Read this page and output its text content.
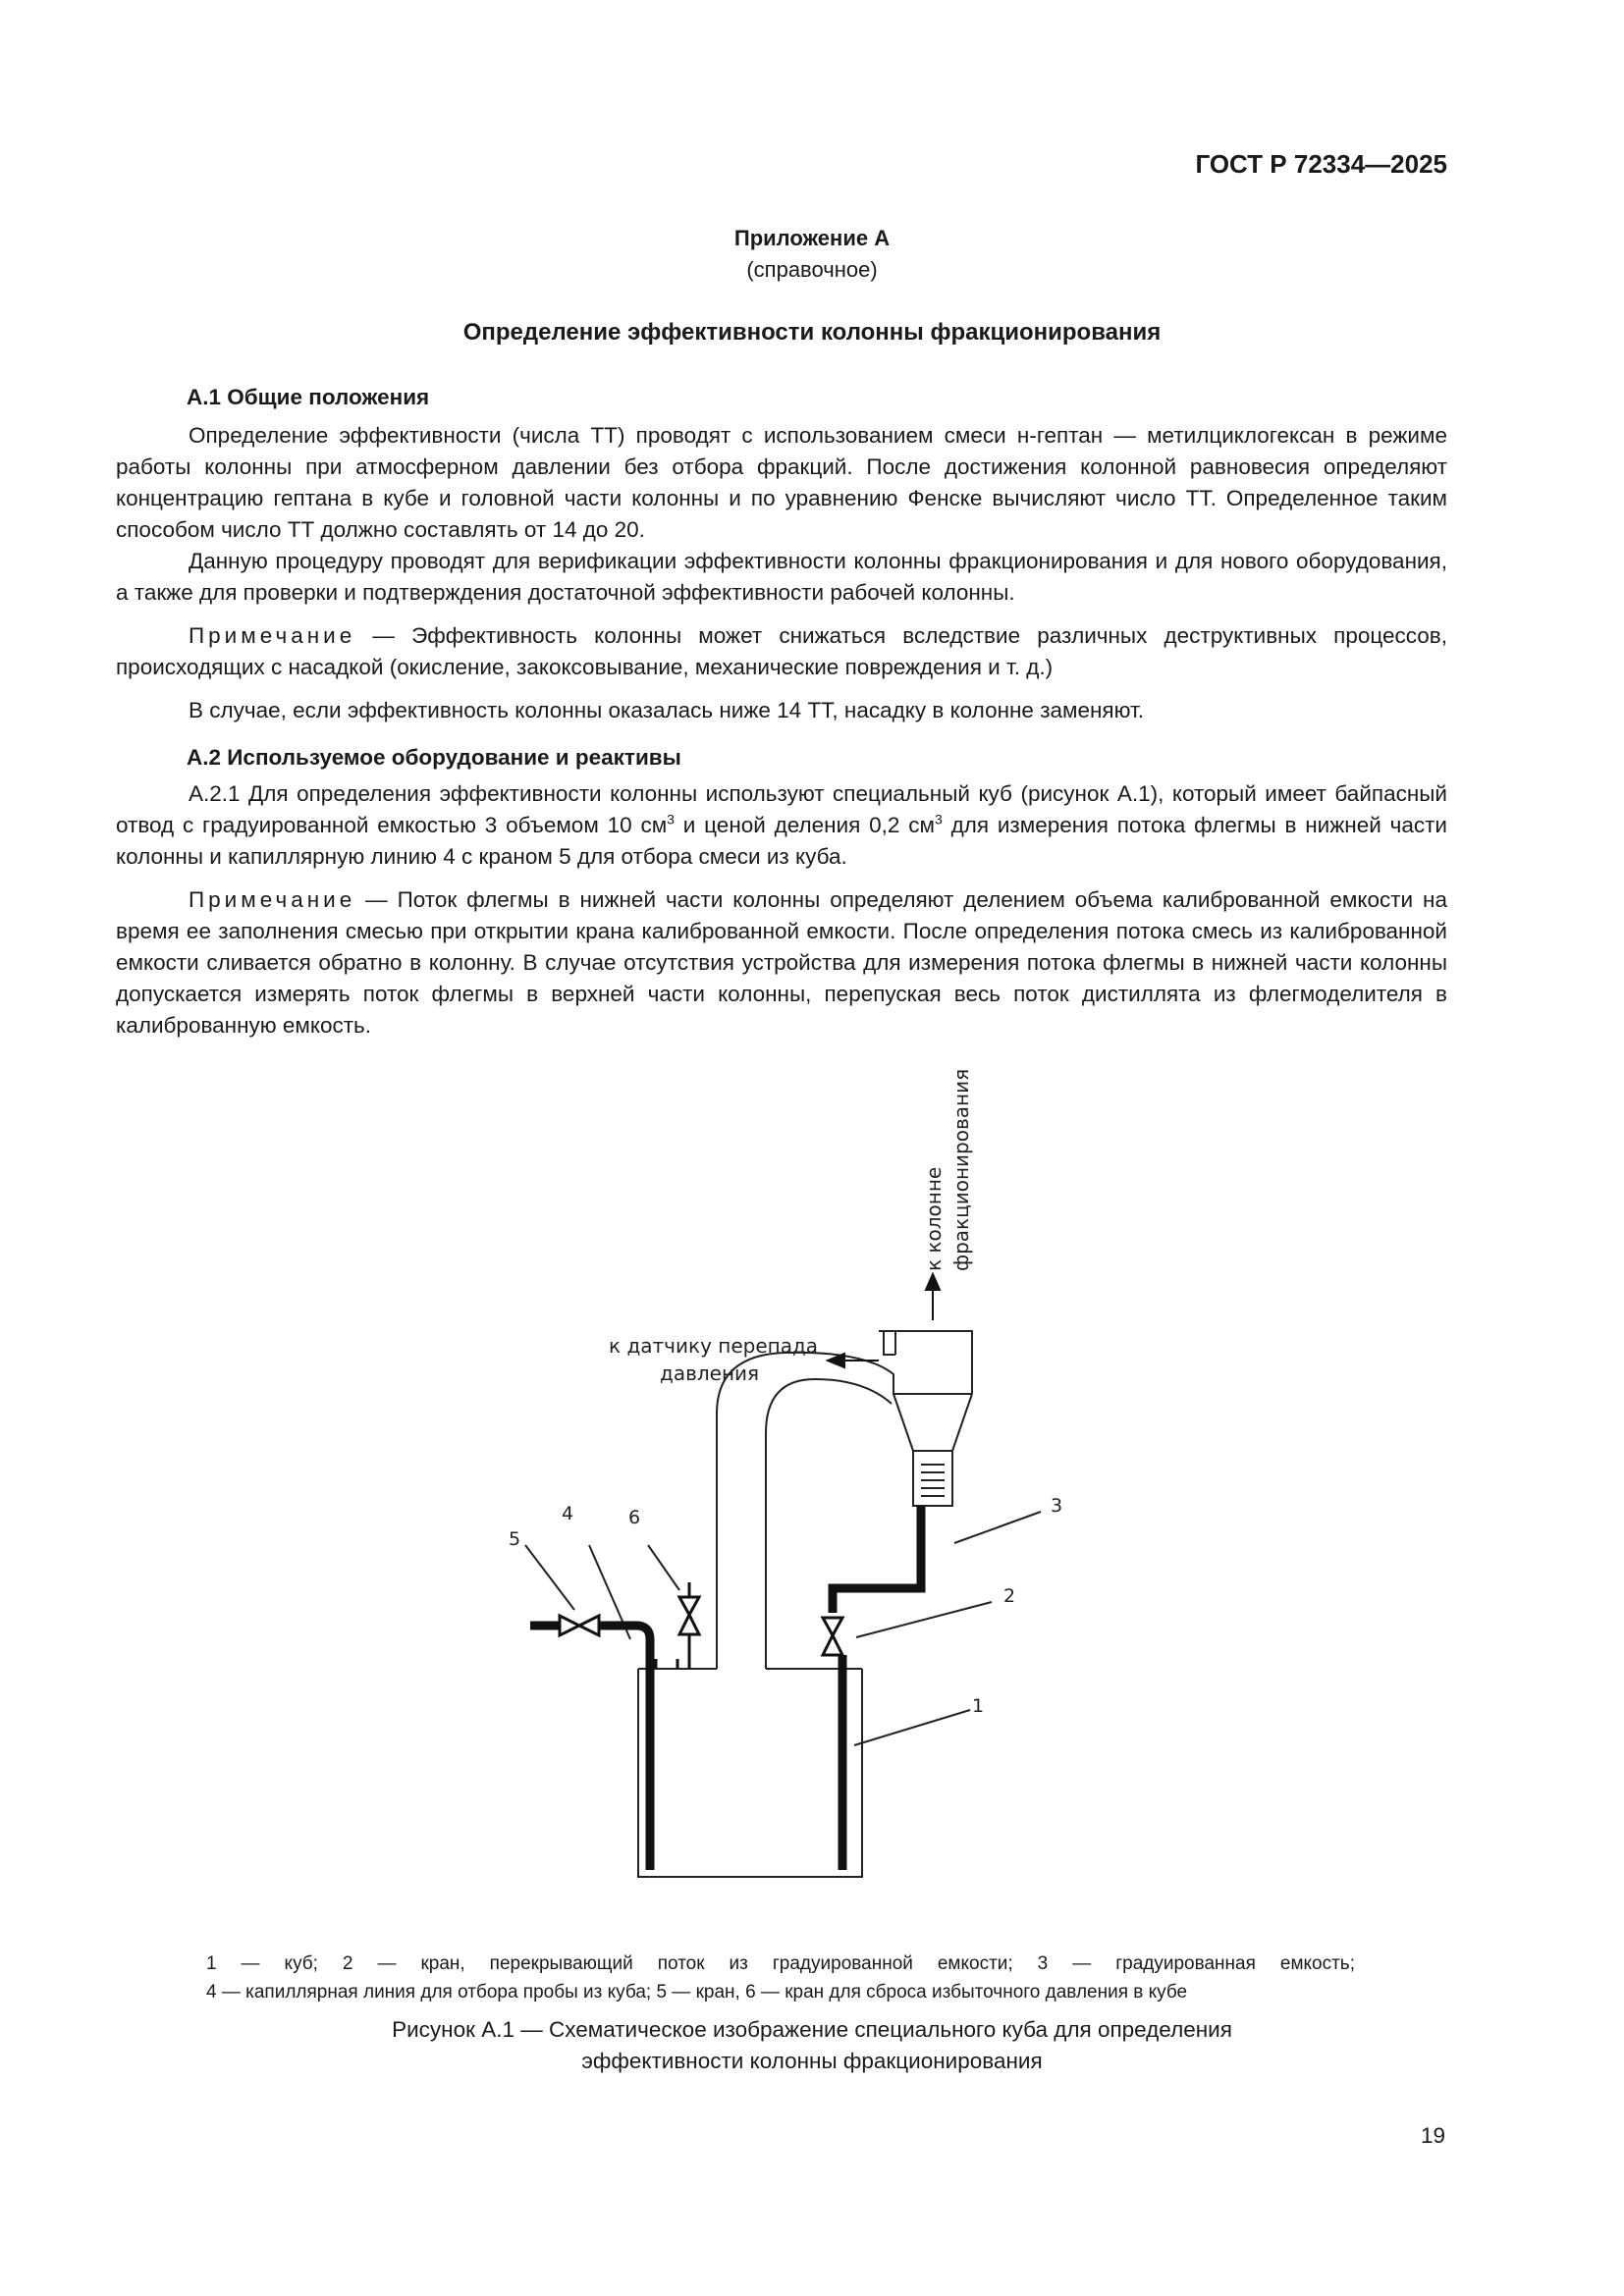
ГОСТ Р 72334—2025
Приложение А
(справочное)
Определение эффективности колонны фракционирования
А.1 Общие положения

Определение эффективности (числа ТТ) проводят с использованием смеси н-гептан — метилциклогексан в режиме работы колонны при атмосферном давлении без отбора фракций. После достижения колонной равновесия определяют концентрацию гептана в кубе и головной части колонны и по уравнению Фенске вычисляют число ТТ. Определенное таким способом число ТТ должно составлять от 14 до 20.

Данную процедуру проводят для верификации эффективности колонны фракционирования и для нового оборудования, а также для проверки и подтверждения достаточной эффективности рабочей колонны.

Примечание — Эффективность колонны может снижаться вследствие различных деструктивных процессов, происходящих с насадкой (окисление, закоксовывание, механические повреждения и т. д.)

В случае, если эффективность колонны оказалась ниже 14 ТТ, насадку в колонне заменяют.

А.2 Используемое оборудование и реактивы

А.2.1 Для определения эффективности колонны используют специальный куб (рисунок А.1), который имеет байпасный отвод с градуированной емкостью 3 объемом 10 $см^3$ и ценой деления 0,2 $см^3$ для измерения потока флегмы в нижней части колонны и капиллярную линию 4 с краном 5 для отбора смеси из куба.

Примечание — Поток флегмы в нижней части колонны определяют делением объема калиброванной емкости на время ее заполнения смесью при открытии крана калиброванной емкости. После определения потока смесь из калиброванной емкости сливается обратно в колонну. В случае отсутствия устройства для измерения потока флегмы в нижней части колонны допускается измерять поток флегмы в верхней части колонны, перепуская весь поток дистиллята из флегмоделителя в калиброванную емкость.

к датчику перепада
давления
к колонне фракционирования
1
2
3
4
5
6
1 — куб; 2 — кран, перекрывающий поток из градуированной емкости; 3 — градуированная емкость;
4 — капиллярная линия для отбора пробы из куба; 5 — кран, 6 — кран для сброса избыточного давления в кубе
Рисунок А.1 — Схематическое изображение специального куба для определения
эффективности колонны фракционирования
19
